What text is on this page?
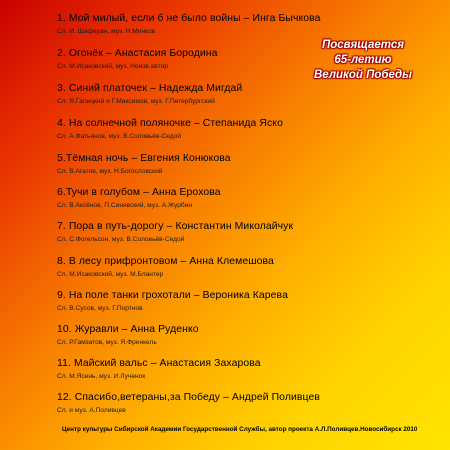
1. Мой милый, если б не было войны – Инга Бычкова
Сл. И. Шаферан, муз. Н.Минков
2. Огонёк – Анастасия Бородина
Сл. М.Исаковский, муз. Неизв.автор
3. Синий платочек – Надежда Мигдай
Сл. Я.Галицкий и Г.Максимов, муз. Г.Петербургский
4. На солнечной поляночке – Степанида Яско
Сл. А.Фатьянов, муз. В.Соловьёв-Седой
5.Тёмная ночь – Евгения Конюкова
Сл. В.Агатов, муз. Н.Богословский
6.Тучи в голубом – Анна Ерохова
Сл. В.Аксёнов, П.Синявский, муз. А.Журбин
7. Пора в путь-дорогу – Константин Миколайчук
Сл. С.Фогельсон, муз. В.Соловьёв-Седой
8. В лесу прифронтовом – Анна Клемешова
Сл. М.Исаковский, муз. М.Блантер
9. На поле танки грохотали – Вероника Карева
Сл. В.Сусов, муз. Г.Портнов
10. Журавли – Анна Руденко
Сл. Р.Гамзатов, муз. Я.Френкель
11. Майский вальс – Анастасия Захарова
Сл. М.Ясень, муз. И.Лученок
12. Спасибо,ветераны,за Победу – Андрей Поливцев
Сл. и муз. А.Поливцев
Посвящается
65-летию
Великой Победы
Центр культуры Сибирской Академии Государственной Службы, автор проекта А.Л.Поливцев.Новосибирск 2010
